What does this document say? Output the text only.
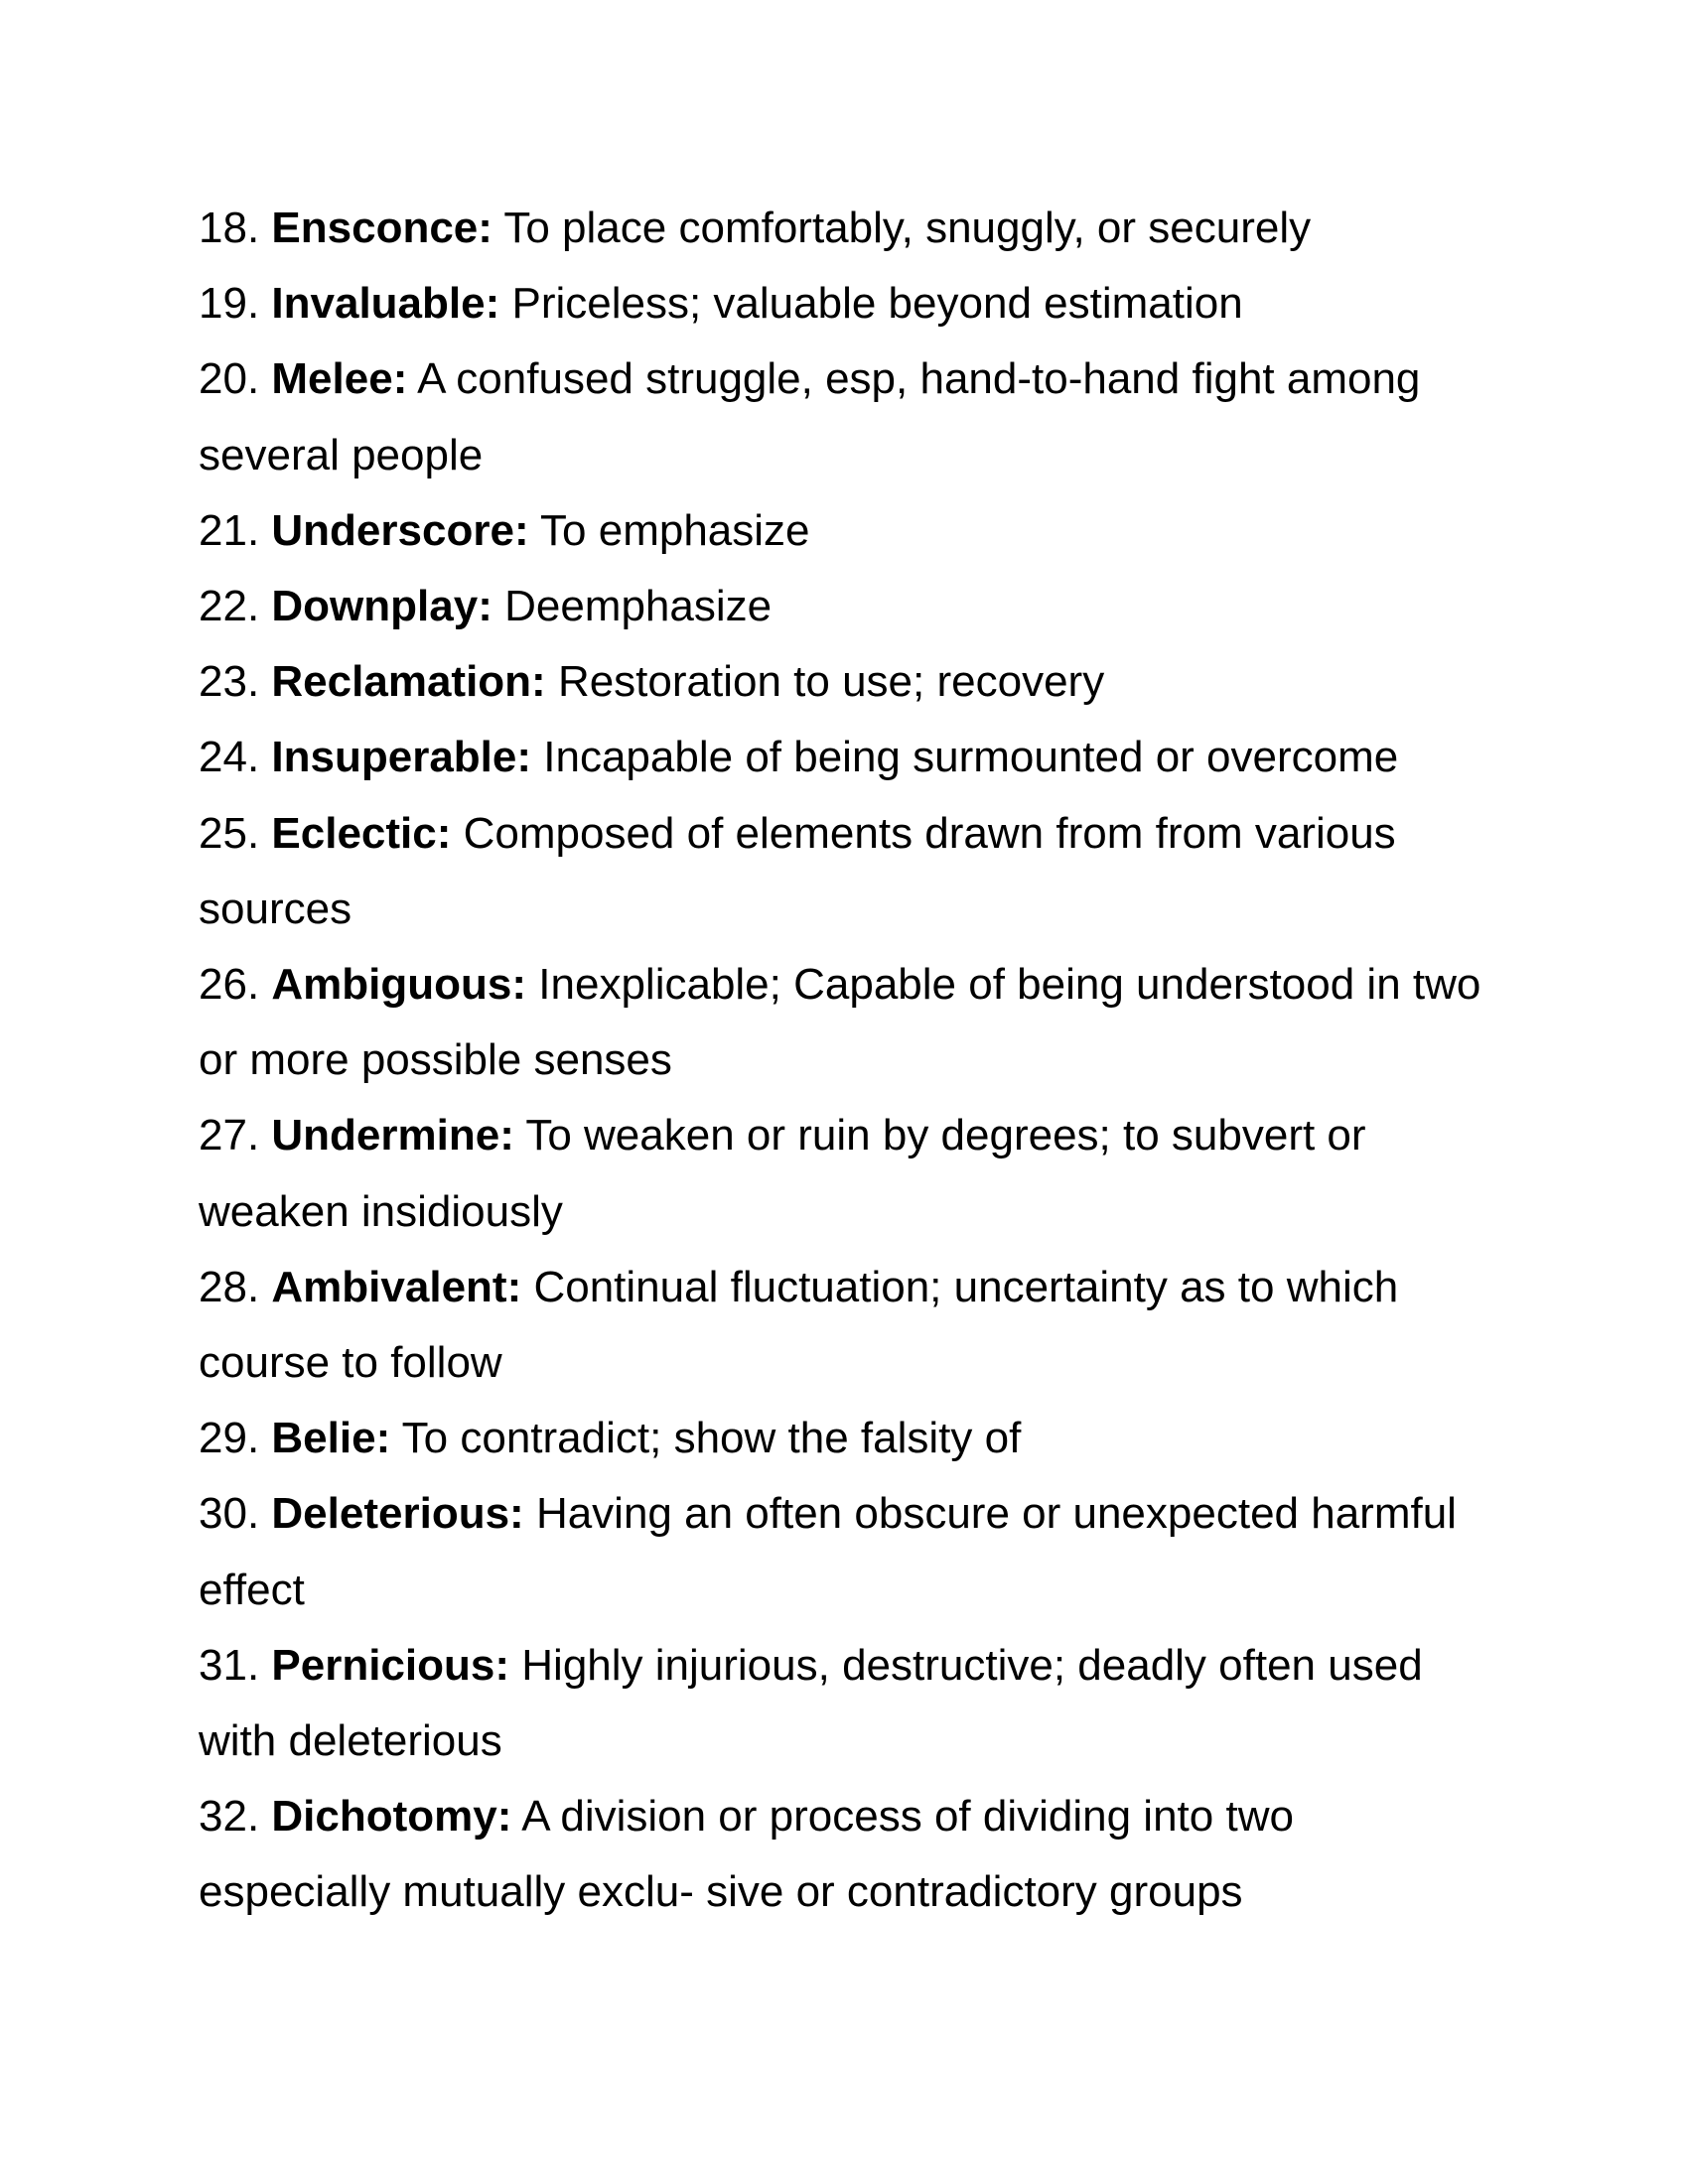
18. Ensconce: To place comfortably, snuggly, or securely
19. Invaluable: Priceless; valuable beyond estimation
20. Melee: A confused struggle, esp, hand-to-hand fight among several people
21. Underscore: To emphasize
22. Downplay: Deemphasize
23. Reclamation: Restoration to use; recovery
24. Insuperable: Incapable of being surmounted or overcome
25. Eclectic: Composed of elements drawn from from various sources
26. Ambiguous: Inexplicable; Capable of being understood in two or more possible senses
27. Undermine: To weaken or ruin by degrees; to subvert or weaken insidiously
28. Ambivalent: Continual fluctuation; uncertainty as to which course to follow
29. Belie: To contradict; show the falsity of
30. Deleterious: Having an often obscure or unexpected harmful effect
31. Pernicious: Highly injurious, destructive; deadly often used with deleterious
32. Dichotomy: A division or process of dividing into two especially mutually exclu- sive or contradictory groups
